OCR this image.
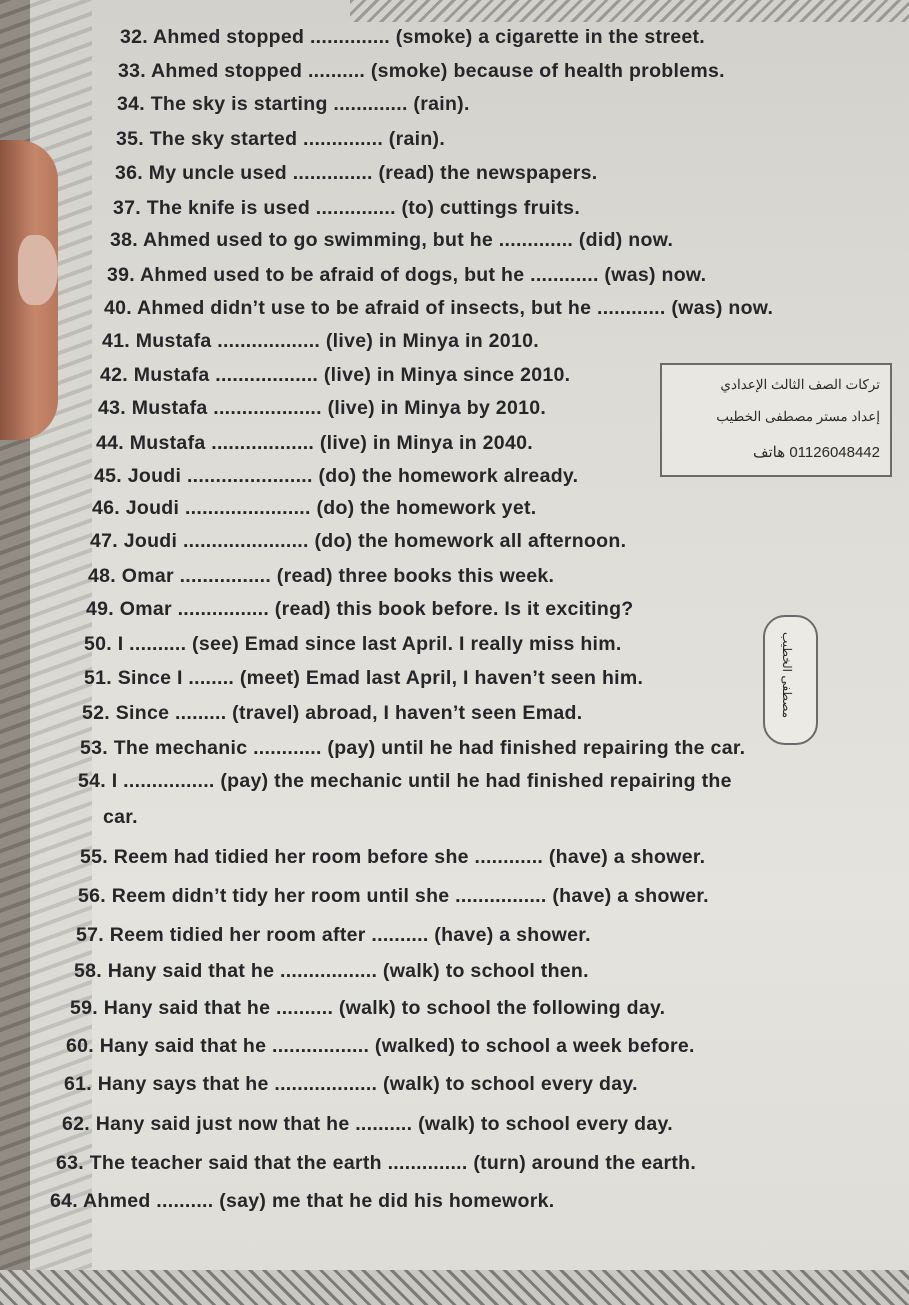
32. Ahmed stopped .............. (smoke) a cigarette in the street.
33. Ahmed stopped .......... (smoke) because of health problems.
34. The sky is starting ............. (rain).
35. The sky started .............. (rain).
36. My uncle used .............. (read) the newspapers.
37. The knife is used .............. (to) cuttings fruits.
38. Ahmed used to go swimming, but he ............. (did) now.
39. Ahmed used to be afraid of dogs, but he ............ (was) now.
40. Ahmed didn’t use to be afraid of insects, but he ............ (was) now.
41. Mustafa .................. (live) in Minya in 2010.
42. Mustafa .................. (live) in Minya since 2010.
43. Mustafa ................... (live) in Minya by 2010.
44. Mustafa .................. (live) in Minya in 2040.
45. Joudi ...................... (do) the homework already.
46. Joudi ...................... (do) the homework yet.
47. Joudi ...................... (do) the homework all afternoon.
48. Omar ................ (read) three books this week.
49. Omar ................ (read) this book before. Is it exciting?
50. I .......... (see) Emad since last April. I really miss him.
51. Since I ........ (meet) Emad last April, I haven’t seen him.
52. Since ......... (travel) abroad, I haven’t seen Emad.
53. The mechanic ............ (pay) until he had finished repairing the car.
54. I ................ (pay) the mechanic until he had finished repairing the
car.
55. Reem had tidied her room before she ............ (have) a shower.
56. Reem didn’t tidy her room until she ................ (have) a shower.
57. Reem tidied her room after .......... (have) a shower.
58. Hany said that he ................. (walk) to school then.
59. Hany said that he .......... (walk) to school the following day.
60. Hany said that he ................. (walked) to school a week before.
61. Hany says that he .................. (walk) to school every day.
62. Hany said just now that he .......... (walk) to school every day.
63. The teacher said that the earth .............. (turn) around the earth.
64. Ahmed .......... (say) me that he did his homework.
تركات الصف الثالث الإعدادي
إعداد مستر مصطفى الخطيب
01126048442 هاتف
مصطفى الخطيب
